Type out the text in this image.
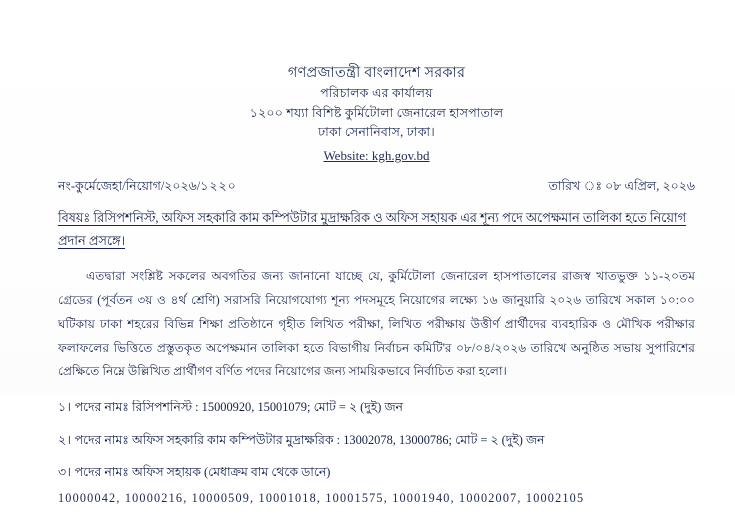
গণপ্রজাতন্ত্রী বাংলাদেশ সরকার
পরিচালক এর কার্যালয়
১২০০ শয্যা বিশিষ্ট কুর্মিটোলা জেনারেল হাসপাতাল
ঢাকা সেনানিবাস, ঢাকা।
Website: kgh.gov.bd
নং-কুর্মেজেহা/নিয়োগ/২০২৬/১২২০	তারিখ ঃ ০৮ এপ্রিল, ২০২৬
বিষয়ঃ রিসিপশনিস্ট, অফিস সহকারি কাম কম্পিউটার মুদ্রাক্ষরিক ও অফিস সহায়ক এর শূন্য পদে অপেক্ষমান তালিকা হতে নিয়োগ প্রদান প্রসঙ্গে।
এতদ্বারা সংশ্লিষ্ট সকলের অবগতির জন্য জানানো যাচ্ছে যে, কুর্মিটোলা জেনারেল হাসপাতালের রাজস্ব খাতভুক্ত ১১-২০তম গ্রেডের (পূর্বতন ৩য় ও ৪র্থ শ্রেণি) সরাসরি নিয়োগযোগ্য শূন্য পদসমূহে নিয়োগের লক্ষ্যে ১৬ জানুয়ারি ২০২৬ তারিখে সকাল ১০:০০ ঘটিকায় ঢাকা শহরের বিভিন্ন শিক্ষা প্রতিষ্ঠানে গৃহীত লিখিত পরীক্ষা, লিখিত পরীক্ষায় উত্তীর্ণ প্রার্থীদের ব্যবহারিক ও মৌখিক পরীক্ষার ফলাফলের ভিত্তিতে প্রস্তুতকৃত অপেক্ষমান তালিকা হতে বিভাগীয় নির্বাচন কমিটি'র ০৮/০৪/২০২৬ তারিখে অনুষ্ঠিত সভায় সুপারিশের প্রেক্ষিতে নিম্নে উল্লিখিত প্রার্থীগণ বর্ণিত পদের নিয়োগের জন্য সাময়িকভাবে নির্বাচিত করা হলো।
১। পদের নামঃ রিসিপশনিস্ট : 15000920, 15001079; মোট = ২ (দুই) জন
২। পদের নামঃ অফিস সহকারি কাম কম্পিউটার মুদ্রাক্ষরিক : 13002078, 13000786; মোট = ২ (দুই) জন
৩। পদের নামঃ অফিস সহায়ক (মেধাক্রম বাম থেকে ডানে)
10000042, 10000216, 10000509, 10001018, 10001575, 10001940, 10002007, 10002105
